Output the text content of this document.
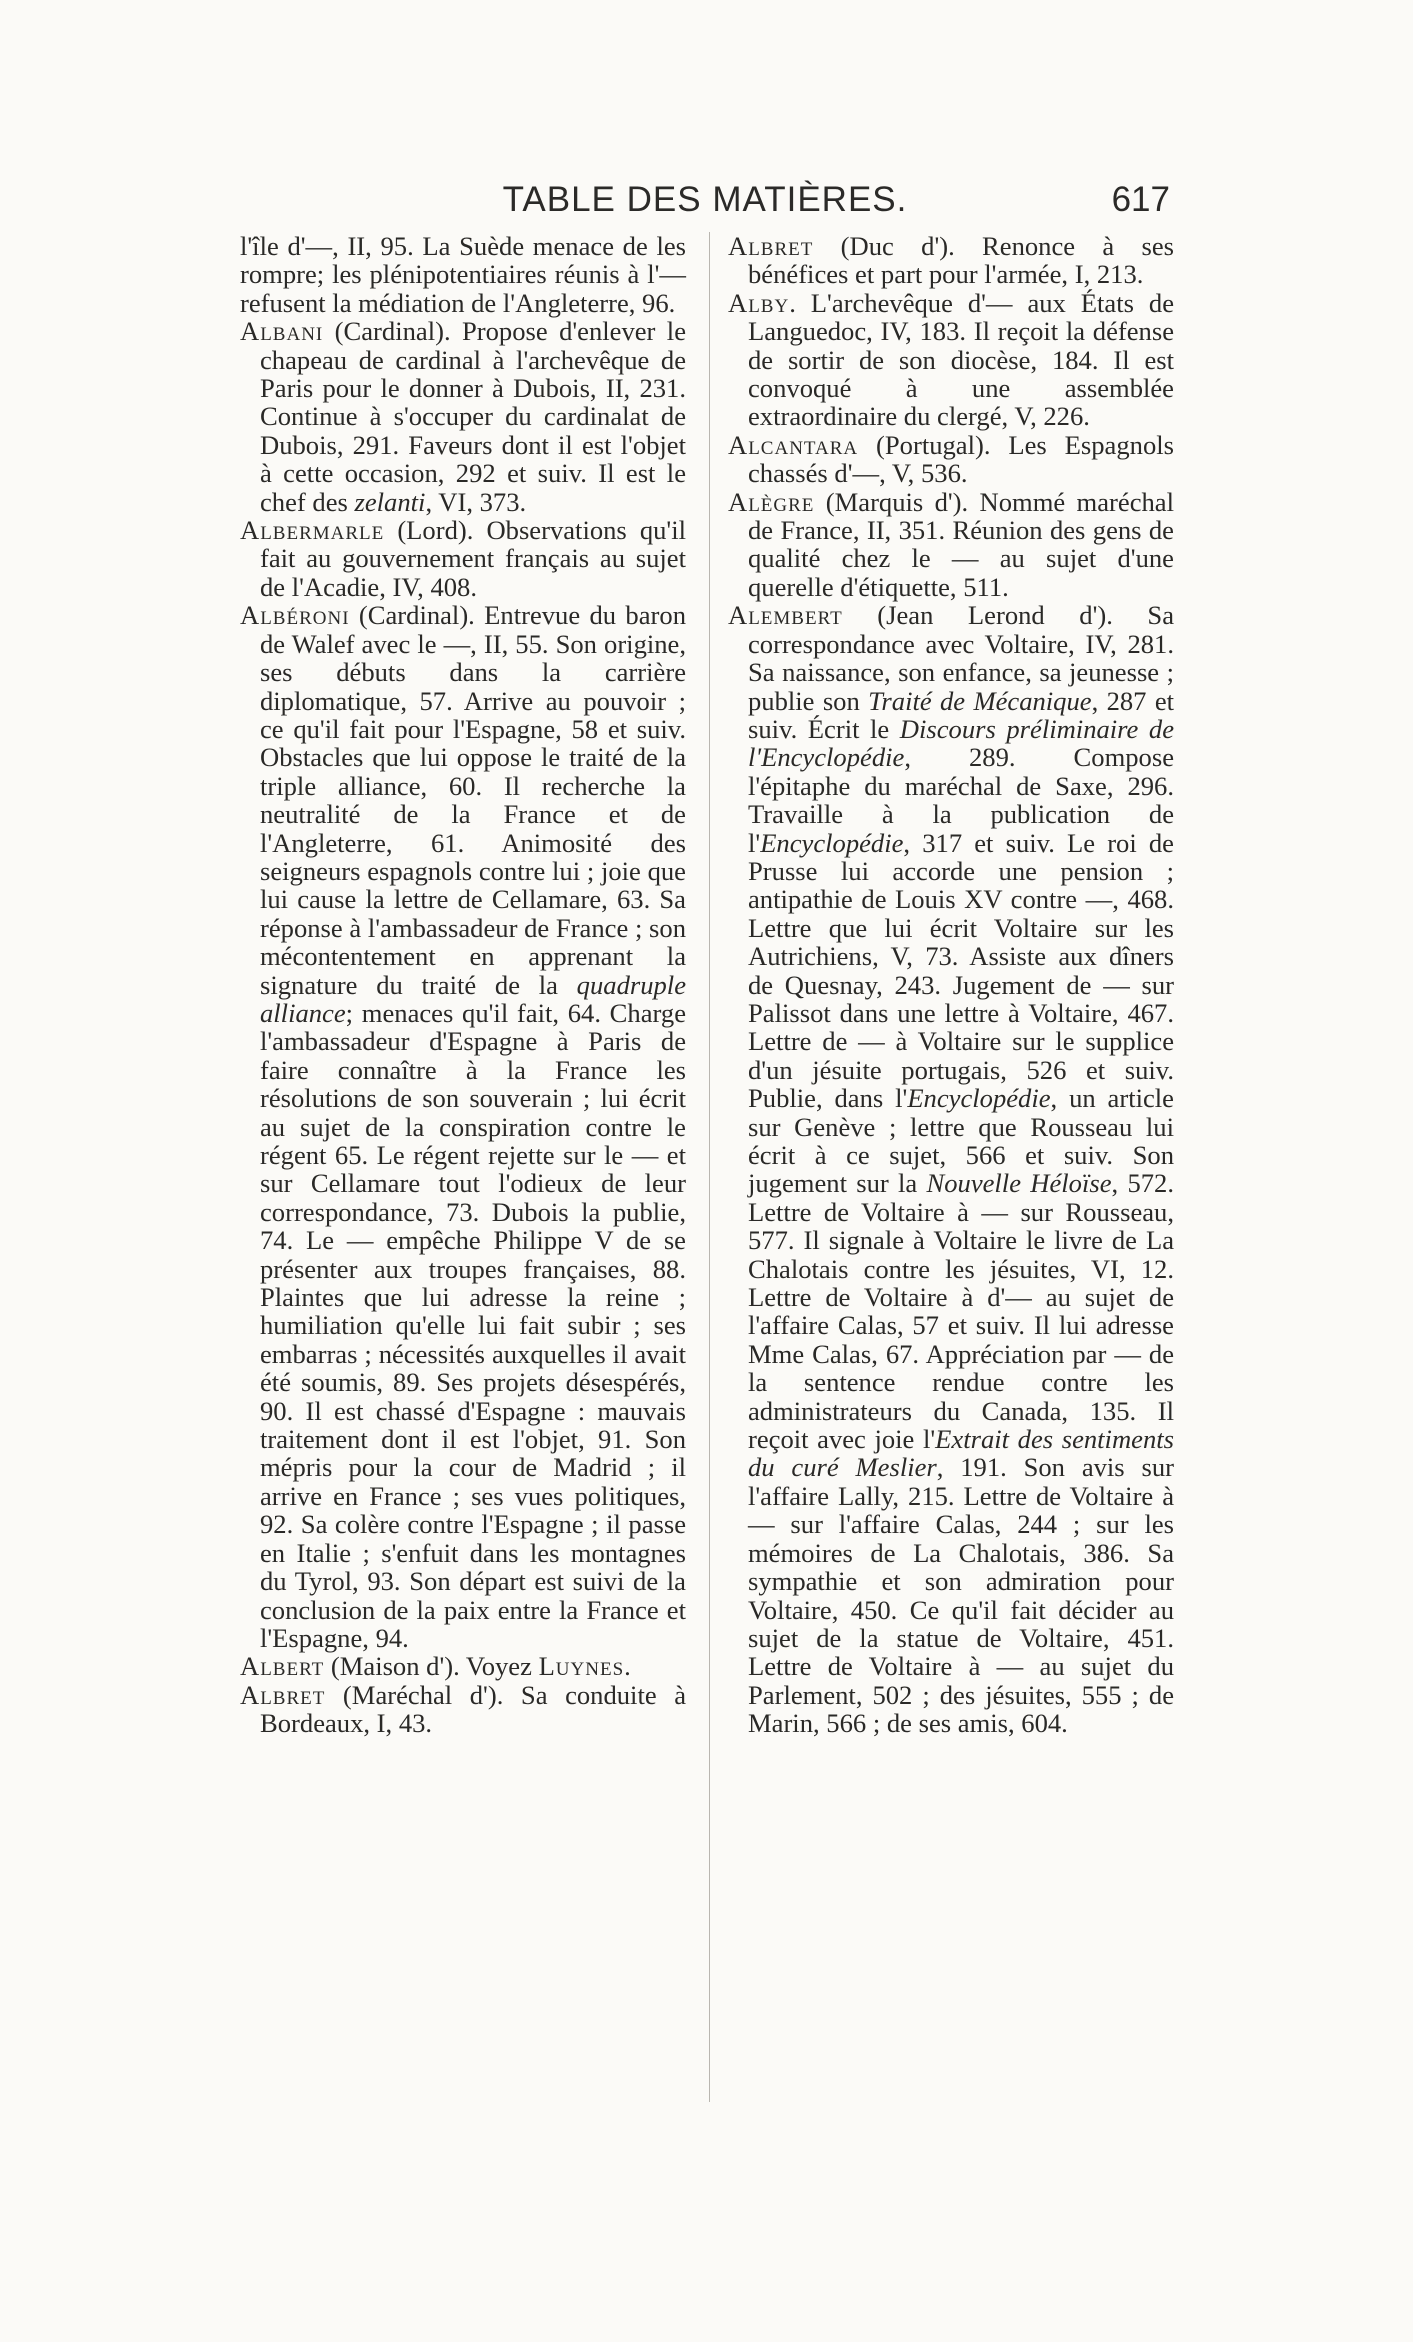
TABLE DES MATIÈRES.	617

l'île d'—, II, 95. La Suède menace de les rompre; les plénipotentiaires réunis à l'— refusent la médiation de l'Angleterre, 96.

Albani (Cardinal). Propose d'enlever le chapeau de cardinal à l'archevêque de Paris pour le donner à Dubois, II, 231. Continue à s'occuper du cardinalat de Dubois, 291. Faveurs dont il est l'objet à cette occasion, 292 et suiv. Il est le chef des zelanti, VI, 373.

Albermarle (Lord). Observations qu'il fait au gouvernement français au sujet de l'Acadie, IV, 408.

Albéroni (Cardinal). Entrevue du baron de Walef avec le —, II, 55. Son origine, ses débuts dans la carrière diplomatique, 57. Arrive au pouvoir ; ce qu'il fait pour l'Espagne, 58 et suiv. Obstacles que lui oppose le traité de la triple alliance, 60. Il recherche la neutralité de la France et de l'Angleterre, 61. Animosité des seigneurs espagnols contre lui ; joie que lui cause la lettre de Cellamare, 63. Sa réponse à l'ambassadeur de France ; son mécontentement en apprenant la signature du traité de la quadruple alliance; menaces qu'il fait, 64. Charge l'ambassadeur d'Espagne à Paris de faire connaître à la France les résolutions de son souverain ; lui écrit au sujet de la conspiration contre le régent 65. Le régent rejette sur le — et sur Cellamare tout l'odieux de leur correspondance, 73. Dubois la publie, 74. Le — empêche Philippe V de se présenter aux troupes françaises, 88. Plaintes que lui adresse la reine ; humiliation qu'elle lui fait subir ; ses embarras ; nécessités auxquelles il avait été soumis, 89. Ses projets désespérés, 90. Il est chassé d'Espagne : mauvais traitement dont il est l'objet, 91. Son mépris pour la cour de Madrid ; il arrive en France ; ses vues politiques, 92. Sa colère contre l'Espagne ; il passe en Italie ; s'enfuit dans les montagnes du Tyrol, 93. Son départ est suivi de la conclusion de la paix entre la France et l'Espagne, 94.

Albert (Maison d'). Voyez Luynes.

Albret (Maréchal d'). Sa conduite à Bordeaux, I, 43.

Albret (Duc d'). Renonce à ses bénéfices et part pour l'armée, I, 213.

Alby. L'archevêque d'— aux États de Languedoc, IV, 183. Il reçoit la défense de sortir de son diocèse, 184. Il est convoqué à une assemblée extraordinaire du clergé, V, 226.

Alcantara (Portugal). Les Espagnols chassés d'—, V, 536.

Alègre (Marquis d'). Nommé maréchal de France, II, 351. Réunion des gens de qualité chez le — au sujet d'une querelle d'étiquette, 511.

Alembert (Jean Lerond d'). Sa correspondance avec Voltaire, IV, 281. Sa naissance, son enfance, sa jeunesse ; publie son Traité de Mécanique, 287 et suiv. Écrit le Discours préliminaire de l'Encyclopédie, 289. Compose l'épitaphe du maréchal de Saxe, 296. Travaille à la publication de l'Encyclopédie, 317 et suiv. Le roi de Prusse lui accorde une pension ; antipathie de Louis XV contre —, 468. Lettre que lui écrit Voltaire sur les Autrichiens, V, 73. Assiste aux dîners de Quesnay, 243. Jugement de — sur Palissot dans une lettre à Voltaire, 467. Lettre de — à Voltaire sur le supplice d'un jésuite portugais, 526 et suiv. Publie, dans l'Encyclopédie, un article sur Genève ; lettre que Rousseau lui écrit à ce sujet, 566 et suiv. Son jugement sur la Nouvelle Héloïse, 572. Lettre de Voltaire à — sur Rousseau, 577. Il signale à Voltaire le livre de La Chalotais contre les jésuites, VI, 12. Lettre de Voltaire à d'— au sujet de l'affaire Calas, 57 et suiv. Il lui adresse Mme Calas, 67. Appréciation par — de la sentence rendue contre les administrateurs du Canada, 135. Il reçoit avec joie l'Extrait des sentiments du curé Meslier, 191. Son avis sur l'affaire Lally, 215. Lettre de Voltaire à — sur l'affaire Calas, 244 ; sur les mémoires de La Chalotais, 386. Sa sympathie et son admiration pour Voltaire, 450. Ce qu'il fait décider au sujet de la statue de Voltaire, 451. Lettre de Voltaire à — au sujet du Parlement, 502 ; des jésuites, 555 ; de Marin, 566 ; de ses amis, 604.
